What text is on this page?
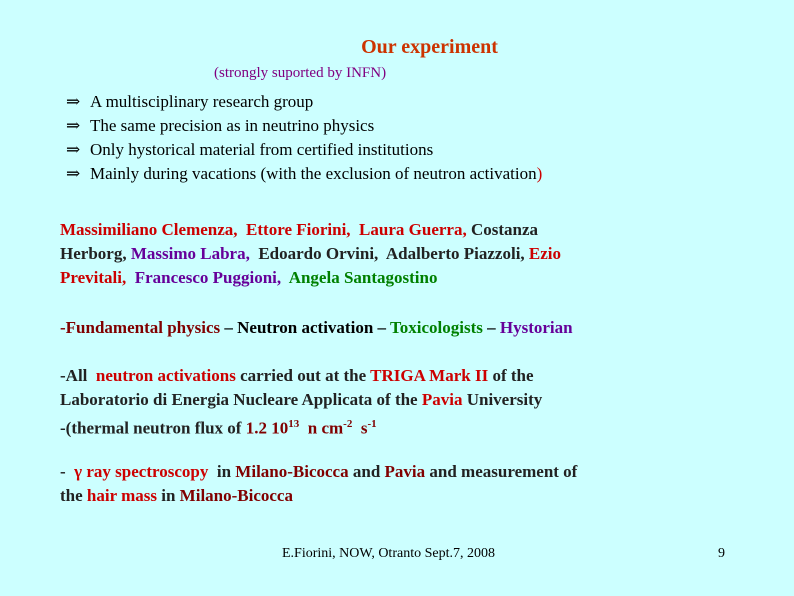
Our experiment
(strongly suported by INFN)
⇒ A multisciplinary research group
⇒ The same precision as in neutrino physics
⇒ Only hystorical material from certified institutions
⇒ Mainly during vacations (with the exclusion of neutron activation)
Massimiliano Clemenza, Ettore Fiorini, Laura Guerra, Costanza
Herborg, Massimo Labra, Edoardo Orvini, Adalberto Piazzoli, Ezio
Previtali, Francesco Puggioni, Angela Santagostino
-Fundamental physics – Neutron activation – Toxicologists – Hystorian
-All neutron activations carried out at the TRIGA Mark II of the
Laboratorio di Energia Nucleare Applicata of the Pavia University
-(thermal neutron flux of 1.2 $10^{13}$ n $cm^{-2}$ $s^{-1}$
- γ ray spectroscopy in Milano-Bicocca and Pavia and measurement of
the hair mass in Milano-Bicocca
E.Fiorini, NOW, Otranto Sept.7, 2008	9
